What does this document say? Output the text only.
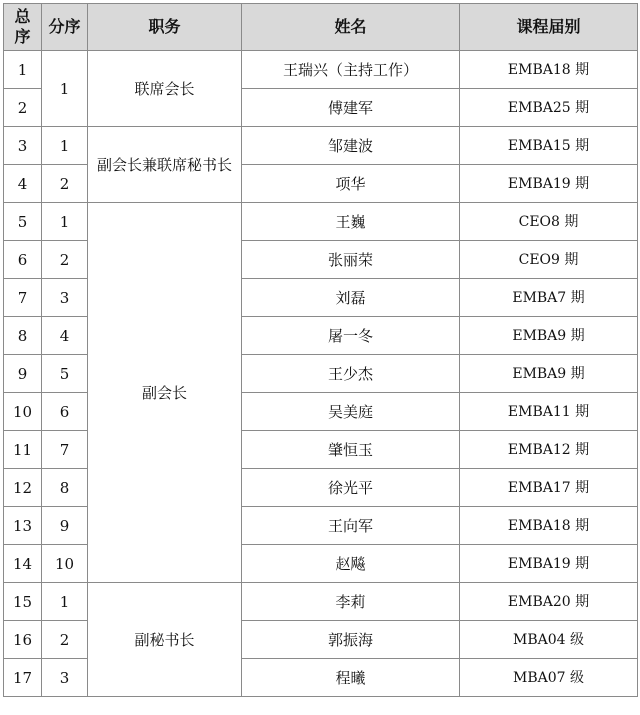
总序	分序	职务	姓名	课程届别
1	1	联席会长	王瑞兴（主持工作）	EMBA18 期
2			傅建军	EMBA25 期
3	1	副会长兼联席秘书长	邹建波	EMBA15 期
4	2		项华	EMBA19 期
5	1	副会长	王巍	CEO8 期
6	2		张丽荣	CEO9 期
7	3		刘磊	EMBA7 期
8	4		屠一冬	EMBA9 期
9	5		王少杰	EMBA9 期
10	6		吴美庭	EMBA11 期
11	7		肇恒玉	EMBA12 期
12	8		徐光平	EMBA17 期
13	9		王向军	EMBA18 期
14	10		赵飚	EMBA19 期
15	1	副秘书长	李莉	EMBA20 期
16	2		郭振海	MBA04 级
17	3		程曦	MBA07 级
